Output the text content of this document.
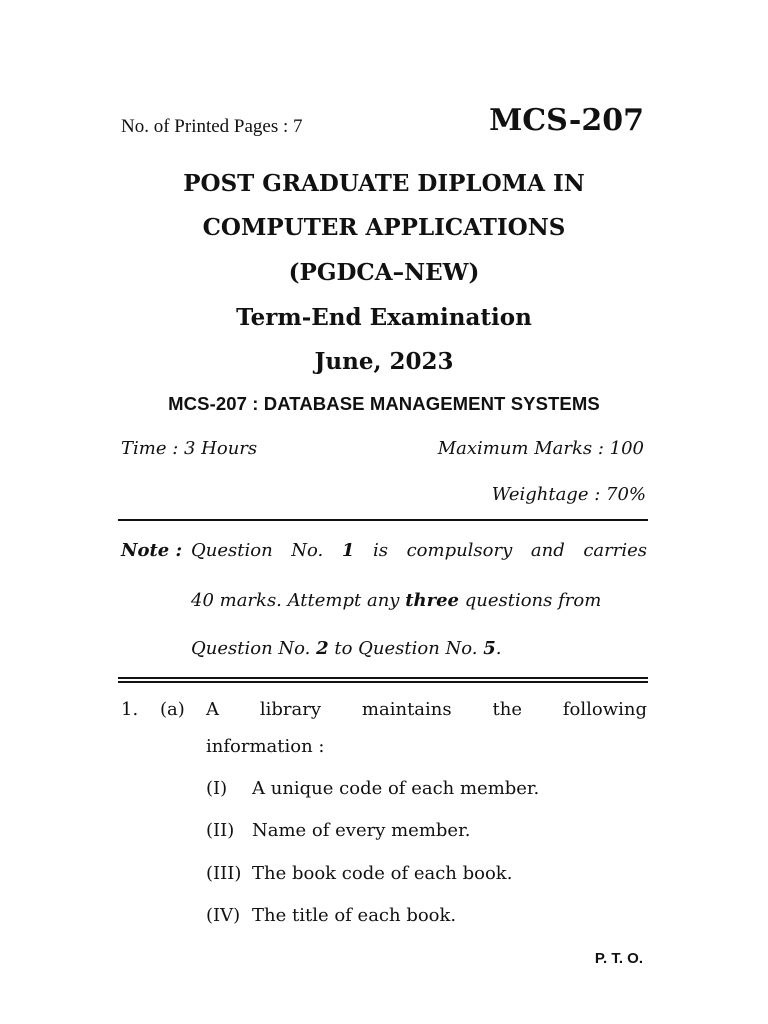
No. of Printed Pages : 7	MCS-207
POST GRADUATE DIPLOMA IN
COMPUTER APPLICATIONS
(PGDCA–NEW)
Term-End Examination
June, 2023
MCS-207 : DATABASE MANAGEMENT SYSTEMS
Time : 3 Hours	Maximum Marks : 100
Weightage : 70%
Note : Question No. 1 is compulsory and carries
40 marks. Attempt any three questions from
Question No. 2 to Question No. 5.
1. (a) A library maintains the following
information :
(I) A unique code of each member.
(II) Name of every member.
(III) The book code of each book.
(IV) The title of each book.
P. T. O.
